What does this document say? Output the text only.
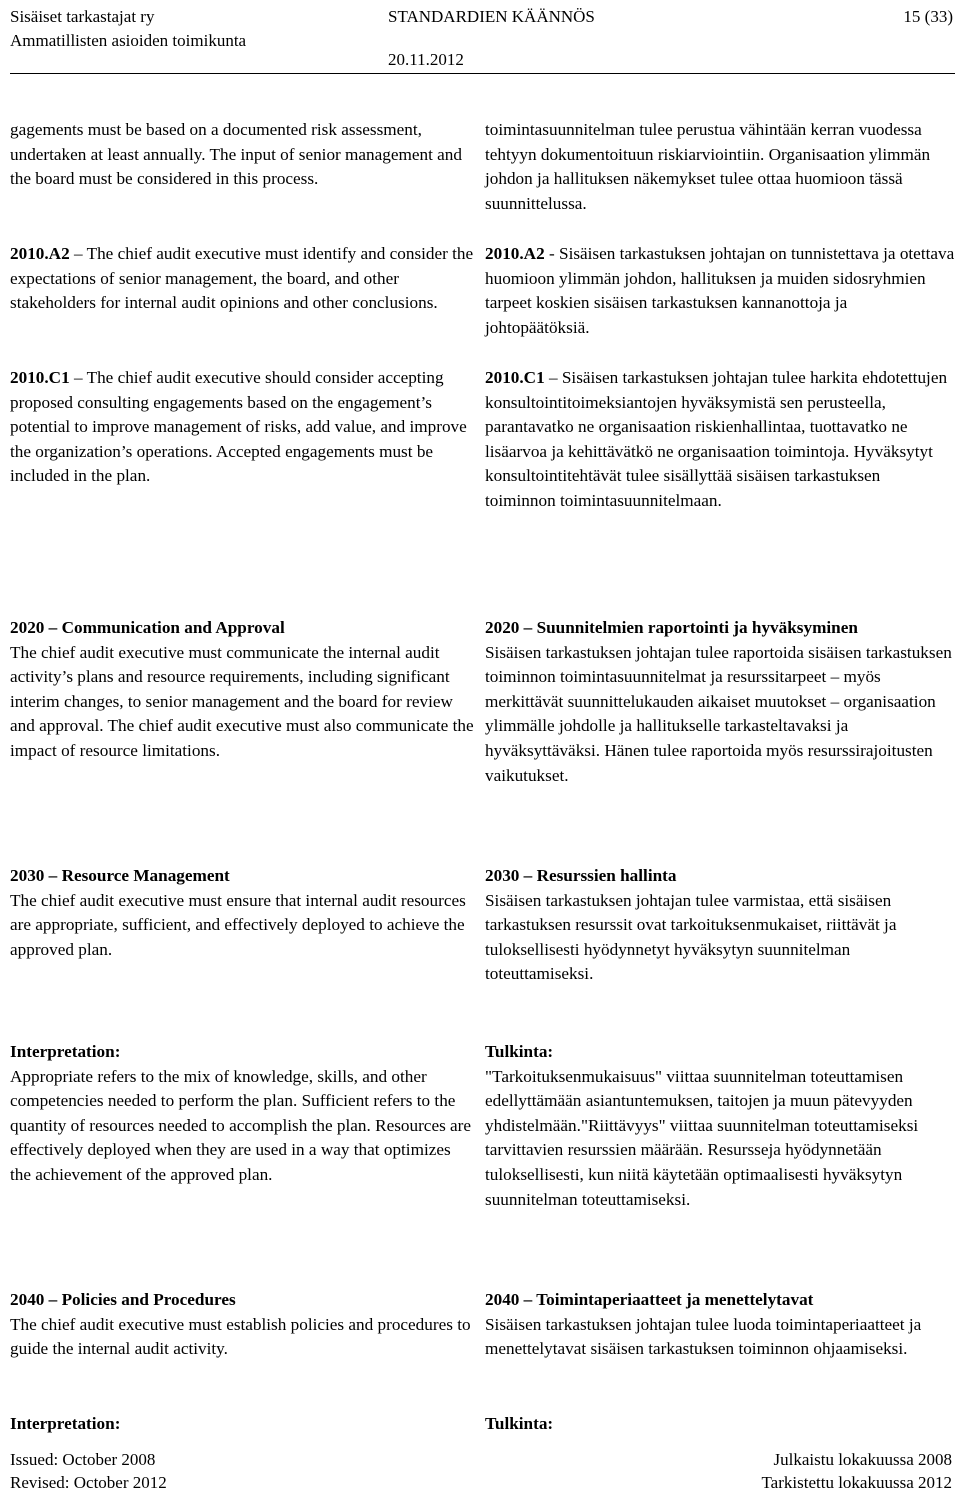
Sisäiset tarkastajat ry
Ammatillisten asioiden toimikunta
STANDARDIEN KÄÄNNÖS
20.11.2012
15 (33)

gagements must be based on a documented risk assessment, undertaken at least annually. The input of senior management and the board must be considered in this process.

2010.A2 – The chief audit executive must identify and consider the expectations of senior management, the board, and other stakeholders for internal audit opinions and other conclusions.

2010.C1 – The chief audit executive should consider accepting proposed consulting engagements based on the engagement’s potential to improve management of risks, add value, and improve the organization’s operations. Accepted engagements must be included in the plan.

2020 – Communication and Approval

The chief audit executive must communicate the internal audit activity’s plans and resource requirements, including significant interim changes, to senior management and the board for review and approval. The chief audit executive must also communicate the impact of resource limitations.

2030 – Resource Management

The chief audit executive must ensure that internal audit resources are appropriate, sufficient, and effectively deployed to achieve the approved plan.

Interpretation:

Appropriate refers to the mix of knowledge, skills, and other competencies needed to perform the plan. Sufficient refers to the quantity of resources needed to accomplish the plan. Resources are effectively deployed when they are used in a way that optimizes the achievement of the approved plan.

2040 – Policies and Procedures

The chief audit executive must establish policies and procedures to guide the internal audit activity.

Interpretation:

toimintasuunnitelman tulee perustua vähintään kerran vuodessa tehtyyn dokumentoituun riskiarviointiin. Organisaation ylimmän johdon ja hallituksen näkemykset tulee ottaa huomioon tässä suunnittelussa.

2010.A2 - Sisäisen tarkastuksen johtajan on tunnistettava ja otettava huomioon ylimmän johdon, hallituksen ja muiden sidosryhmien tarpeet koskien sisäisen tarkastuksen kannanottoja ja johtopäätöksiä.

2010.C1 – Sisäisen tarkastuksen johtajan tulee harkita ehdotettujen konsultointitoimeksiantojen hyväksymistä sen perusteella, parantavatko ne organisaation riskienhallintaa, tuottavatko ne lisäarvoa ja kehittävätkö ne organisaation toimintoja. Hyväksytyt konsultointitehtävät tulee sisällyttää sisäisen tarkastuksen toiminnon toimintasuunnitelmaan.

2020 – Suunnitelmien raportointi ja hyväksyminen

Sisäisen tarkastuksen johtajan tulee raportoida sisäisen tarkastuksen toiminnon toimintasuunnitelmat ja resurssitarpeet – myös merkittävät suunnittelukauden aikaiset muutokset – organisaation ylimmälle johdolle ja hallitukselle tarkasteltavaksi ja hyväksyttäväksi. Hänen tulee raportoida myös resurssirajoitusten vaikutukset.

2030 – Resurssien hallinta

Sisäisen tarkastuksen johtajan tulee varmistaa, että sisäisen tarkastuksen resurssit ovat tarkoituksenmukaiset, riittävät ja tuloksellisesti hyödynnetyt hyväksytyn suunnitelman toteuttamiseksi.

Tulkinta:

"Tarkoituksenmukaisuus" viittaa suunnitelman toteuttamisen edellyttämään asiantuntemuksen, taitojen ja muun pätevyyden yhdistelmään."Riittävyys" viittaa suunnitelman toteuttamiseksi tarvittavien resurssien määrään. Resursseja hyödynnetään tuloksellisesti, kun niitä käytetään optimaalisesti hyväksytyn suunnitelman toteuttamiseksi.

2040 – Toimintaperiaatteet ja menettelytavat

Sisäisen tarkastuksen johtajan tulee luoda toimintaperiaatteet ja menettelytavat sisäisen tarkastuksen toiminnon ohjaamiseksi.

Tulkinta:

Issued: October 2008
Revised: October 2012
Julkaistu lokakuussa 2008
Tarkistettu lokakuussa 2012
